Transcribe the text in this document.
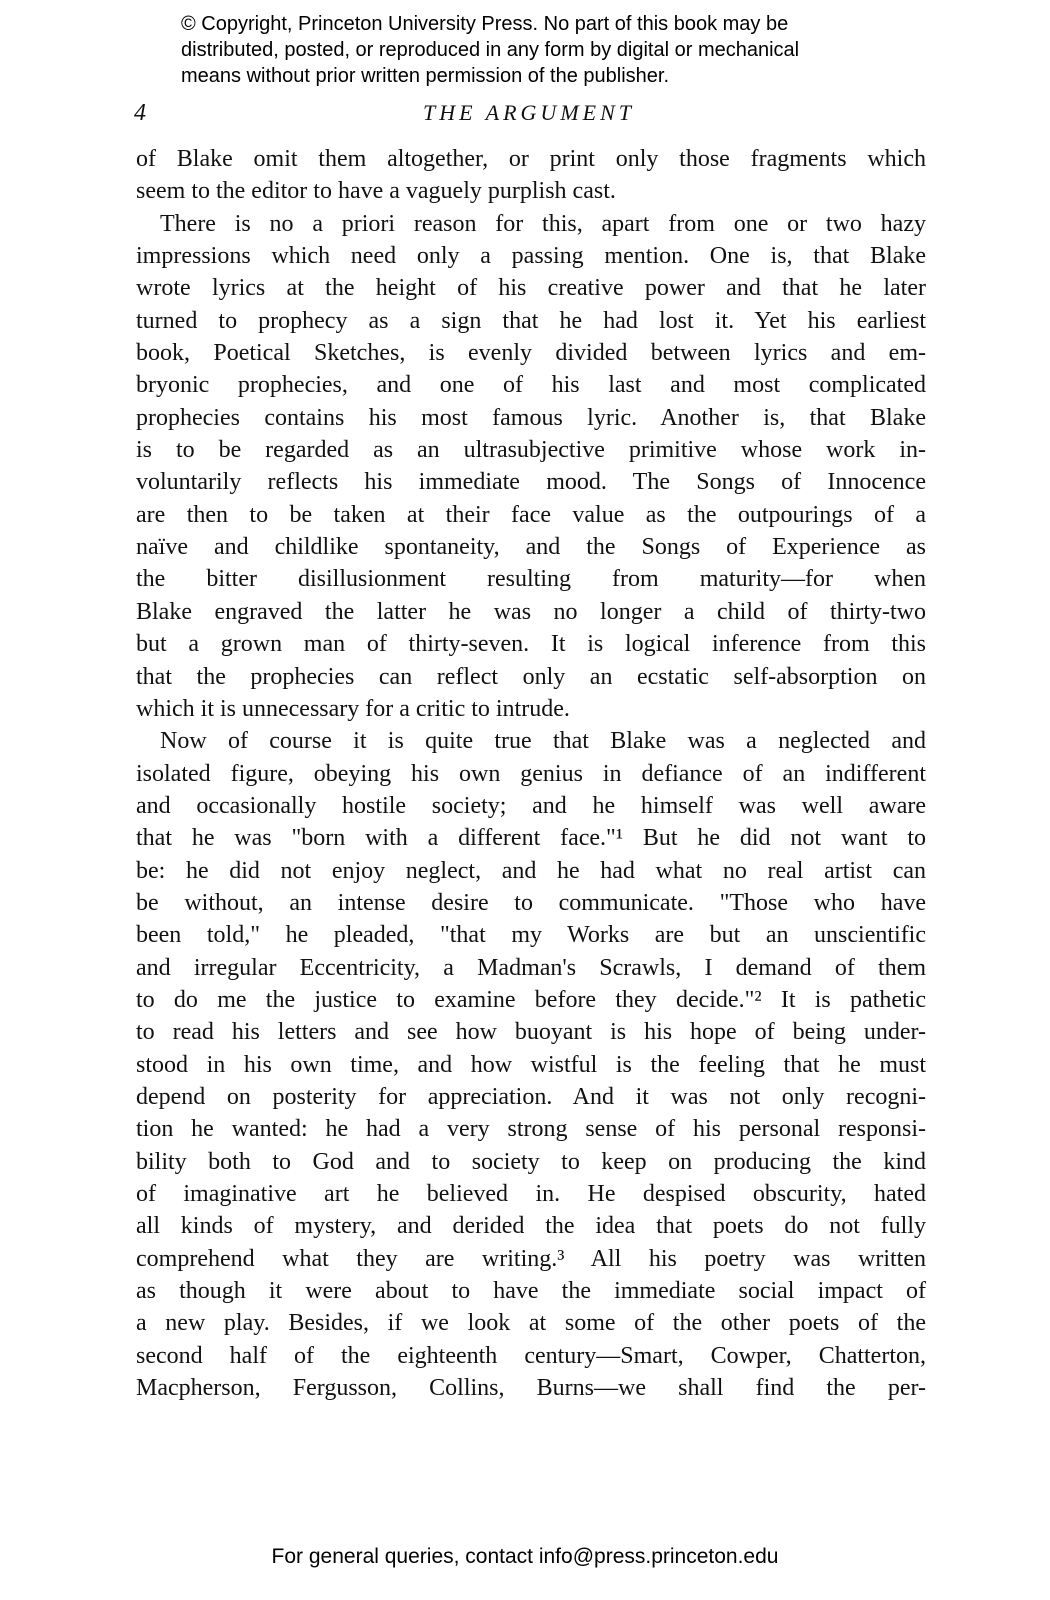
© Copyright, Princeton University Press. No part of this book may be
distributed, posted, or reproduced in any form by digital or mechanical
means without prior written permission of the publisher.
4	THE ARGUMENT
of Blake omit them altogether, or print only those fragments which
seem to the editor to have a vaguely purplish cast.
There is no a priori reason for this, apart from one or two hazy
impressions which need only a passing mention. One is, that Blake
wrote lyrics at the height of his creative power and that he later
turned to prophecy as a sign that he had lost it. Yet his earliest
book, Poetical Sketches, is evenly divided between lyrics and em-
bryonic prophecies, and one of his last and most complicated
prophecies contains his most famous lyric. Another is, that Blake
is to be regarded as an ultrasubjective primitive whose work in-
voluntarily reflects his immediate mood. The Songs of Innocence
are then to be taken at their face value as the outpourings of a
naïve and childlike spontaneity, and the Songs of Experience as
the bitter disillusionment resulting from maturity—for when
Blake engraved the latter he was no longer a child of thirty-two
but a grown man of thirty-seven. It is logical inference from this
that the prophecies can reflect only an ecstatic self-absorption on
which it is unnecessary for a critic to intrude.
Now of course it is quite true that Blake was a neglected and
isolated figure, obeying his own genius in defiance of an indifferent
and occasionally hostile society; and he himself was well aware
that he was "born with a different face."¹ But he did not want to
be: he did not enjoy neglect, and he had what no real artist can
be without, an intense desire to communicate. "Those who have
been told," he pleaded, "that my Works are but an unscientific
and irregular Eccentricity, a Madman's Scrawls, I demand of them
to do me the justice to examine before they decide."² It is pathetic
to read his letters and see how buoyant is his hope of being under-
stood in his own time, and how wistful is the feeling that he must
depend on posterity for appreciation. And it was not only recogni-
tion he wanted: he had a very strong sense of his personal responsi-
bility both to God and to society to keep on producing the kind
of imaginative art he believed in. He despised obscurity, hated
all kinds of mystery, and derided the idea that poets do not fully
comprehend what they are writing.³ All his poetry was written
as though it were about to have the immediate social impact of
a new play. Besides, if we look at some of the other poets of the
second half of the eighteenth century—Smart, Cowper, Chatterton,
Macpherson, Fergusson, Collins, Burns—we shall find the per-
For general queries, contact info@press.princeton.edu
